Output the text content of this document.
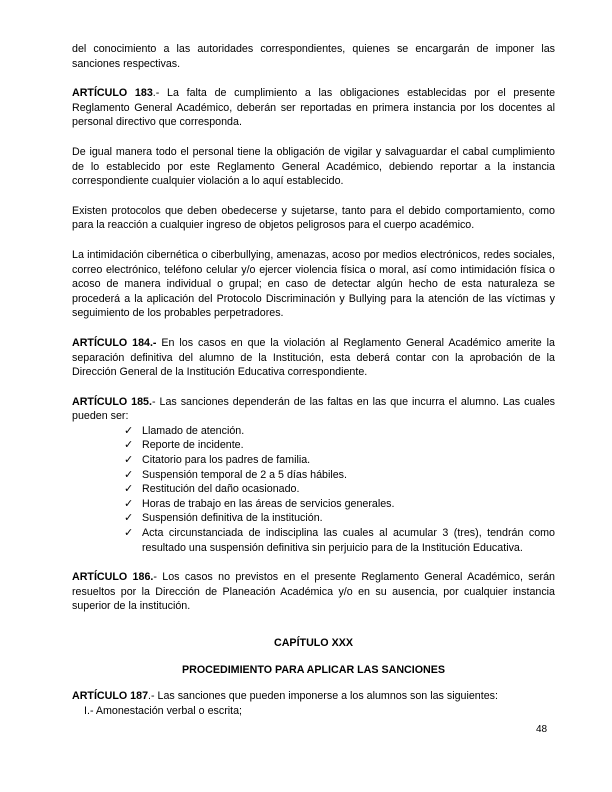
del conocimiento a las autoridades correspondientes, quienes se encargarán de imponer las sanciones respectivas.

ARTÍCULO 183.- La falta de cumplimiento a las obligaciones establecidas por el presente Reglamento General Académico, deberán ser reportadas en primera instancia por los docentes al personal directivo que corresponda.

De igual manera todo el personal tiene la obligación de vigilar y salvaguardar el cabal cumplimiento de lo establecido por este Reglamento General Académico, debiendo reportar a la instancia correspondiente cualquier violación a lo aquí establecido.

Existen protocolos que deben obedecerse y sujetarse, tanto para el debido comportamiento, como para la reacción a cualquier ingreso de objetos peligrosos para el cuerpo académico.

La intimidación cibernética o ciberbullying, amenazas, acoso por medios electrónicos, redes sociales, correo electrónico, teléfono celular y/o ejercer violencia física o moral, así como intimidación física o acoso de manera individual o grupal; en caso de detectar algún hecho de esta naturaleza se procederá a la aplicación del Protocolo Discriminación y Bullying para la atención de las víctimas y seguimiento de los probables perpetradores.

ARTÍCULO 184.- En los casos en que la violación al Reglamento General Académico amerite la separación definitiva del alumno de la Institución, esta deberá contar con la aprobación de la Dirección General de la Institución Educativa correspondiente.

ARTÍCULO 185.- Las sanciones dependerán de las faltas en las que incurra el alumno. Las cuales pueden ser:

✓ Llamado de atención.
✓ Reporte de incidente.
✓ Citatorio para los padres de familia.
✓ Suspensión temporal de 2 a 5 días hábiles.
✓ Restitución del daño ocasionado.
✓ Horas de trabajo en las áreas de servicios generales.
✓ Suspensión definitiva de la institución.
✓ Acta circunstanciada de indisciplina las cuales al acumular 3 (tres), tendrán como resultado una suspensión definitiva sin perjuicio para de la Institución Educativa.

ARTÍCULO 186.- Los casos no previstos en el presente Reglamento General Académico, serán resueltos por la Dirección de Planeación Académica y/o en su ausencia, por cualquier instancia superior de la institución.

CAPÍTULO XXX
PROCEDIMIENTO PARA APLICAR LAS SANCIONES

ARTÍCULO 187.- Las sanciones que pueden imponerse a los alumnos son las siguientes:

I.- Amonestación verbal o escrita;
48
